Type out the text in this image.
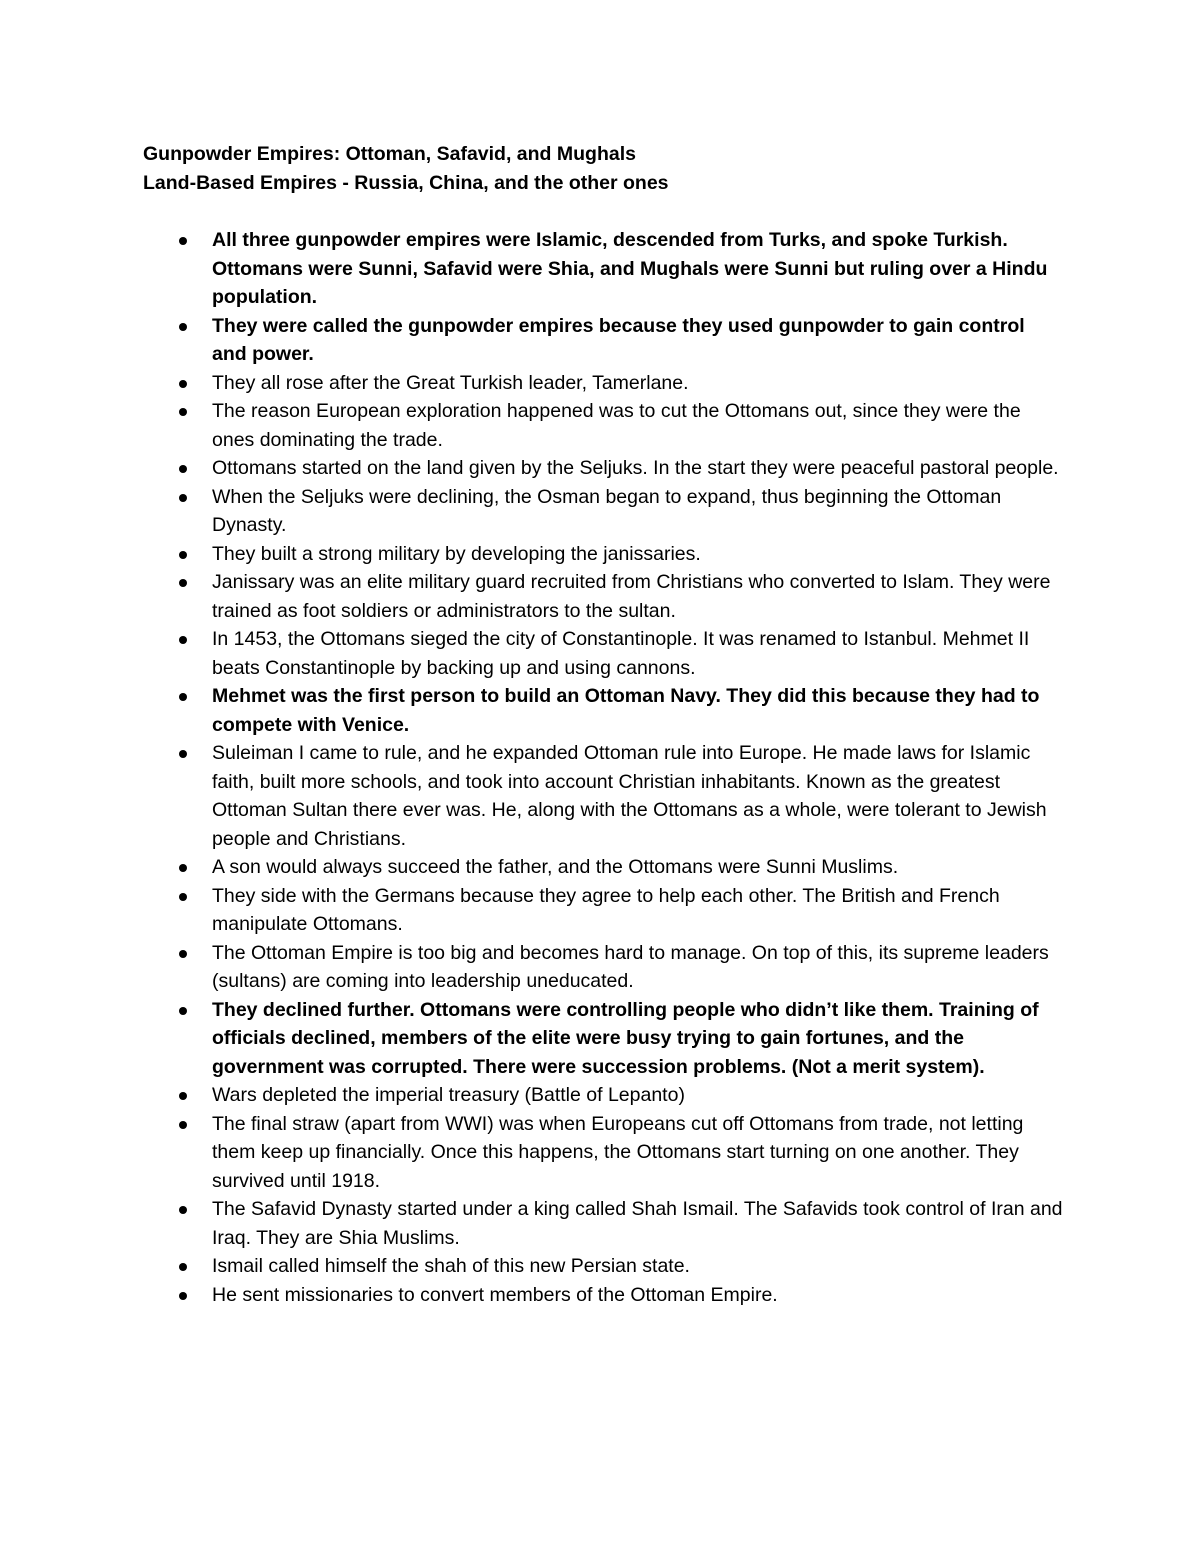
Gunpowder Empires: Ottoman, Safavid, and Mughals
Land-Based Empires - Russia, China, and the other ones
All three gunpowder empires were Islamic, descended from Turks, and spoke Turkish. Ottomans were Sunni, Safavid were Shia, and Mughals were Sunni but ruling over a Hindu population.
They were called the gunpowder empires because they used gunpowder to gain control and power.
They all rose after the Great Turkish leader, Tamerlane.
The reason European exploration happened was to cut the Ottomans out, since they were the ones dominating the trade.
Ottomans started on the land given by the Seljuks. In the start they were peaceful pastoral people.
When the Seljuks were declining, the Osman began to expand, thus beginning the Ottoman Dynasty.
They built a strong military by developing the janissaries.
Janissary was an elite military guard recruited from Christians who converted to Islam. They were trained as foot soldiers or administrators to the sultan.
In 1453, the Ottomans sieged the city of Constantinople. It was renamed to Istanbul. Mehmet II beats Constantinople by backing up and using cannons.
Mehmet was the first person to build an Ottoman Navy. They did this because they had to compete with Venice.
Suleiman I came to rule, and he expanded Ottoman rule into Europe. He made laws for Islamic faith, built more schools, and took into account Christian inhabitants. Known as the greatest Ottoman Sultan there ever was. He, along with the Ottomans as a whole, were tolerant to Jewish people and Christians.
A son would always succeed the father, and the Ottomans were Sunni Muslims.
They side with the Germans because they agree to help each other. The British and French manipulate Ottomans.
The Ottoman Empire is too big and becomes hard to manage. On top of this, its supreme leaders (sultans) are coming into leadership uneducated.
They declined further. Ottomans were controlling people who didn’t like them. Training of officials declined, members of the elite were busy trying to gain fortunes, and the government was corrupted. There were succession problems. (Not a merit system).
Wars depleted the imperial treasury (Battle of Lepanto)
The final straw (apart from WWI) was when Europeans cut off Ottomans from trade, not letting them keep up financially. Once this happens, the Ottomans start turning on one another. They survived until 1918.
The Safavid Dynasty started under a king called Shah Ismail. The Safavids took control of Iran and Iraq. They are Shia Muslims.
Ismail called himself the shah of this new Persian state.
He sent missionaries to convert members of the Ottoman Empire.
